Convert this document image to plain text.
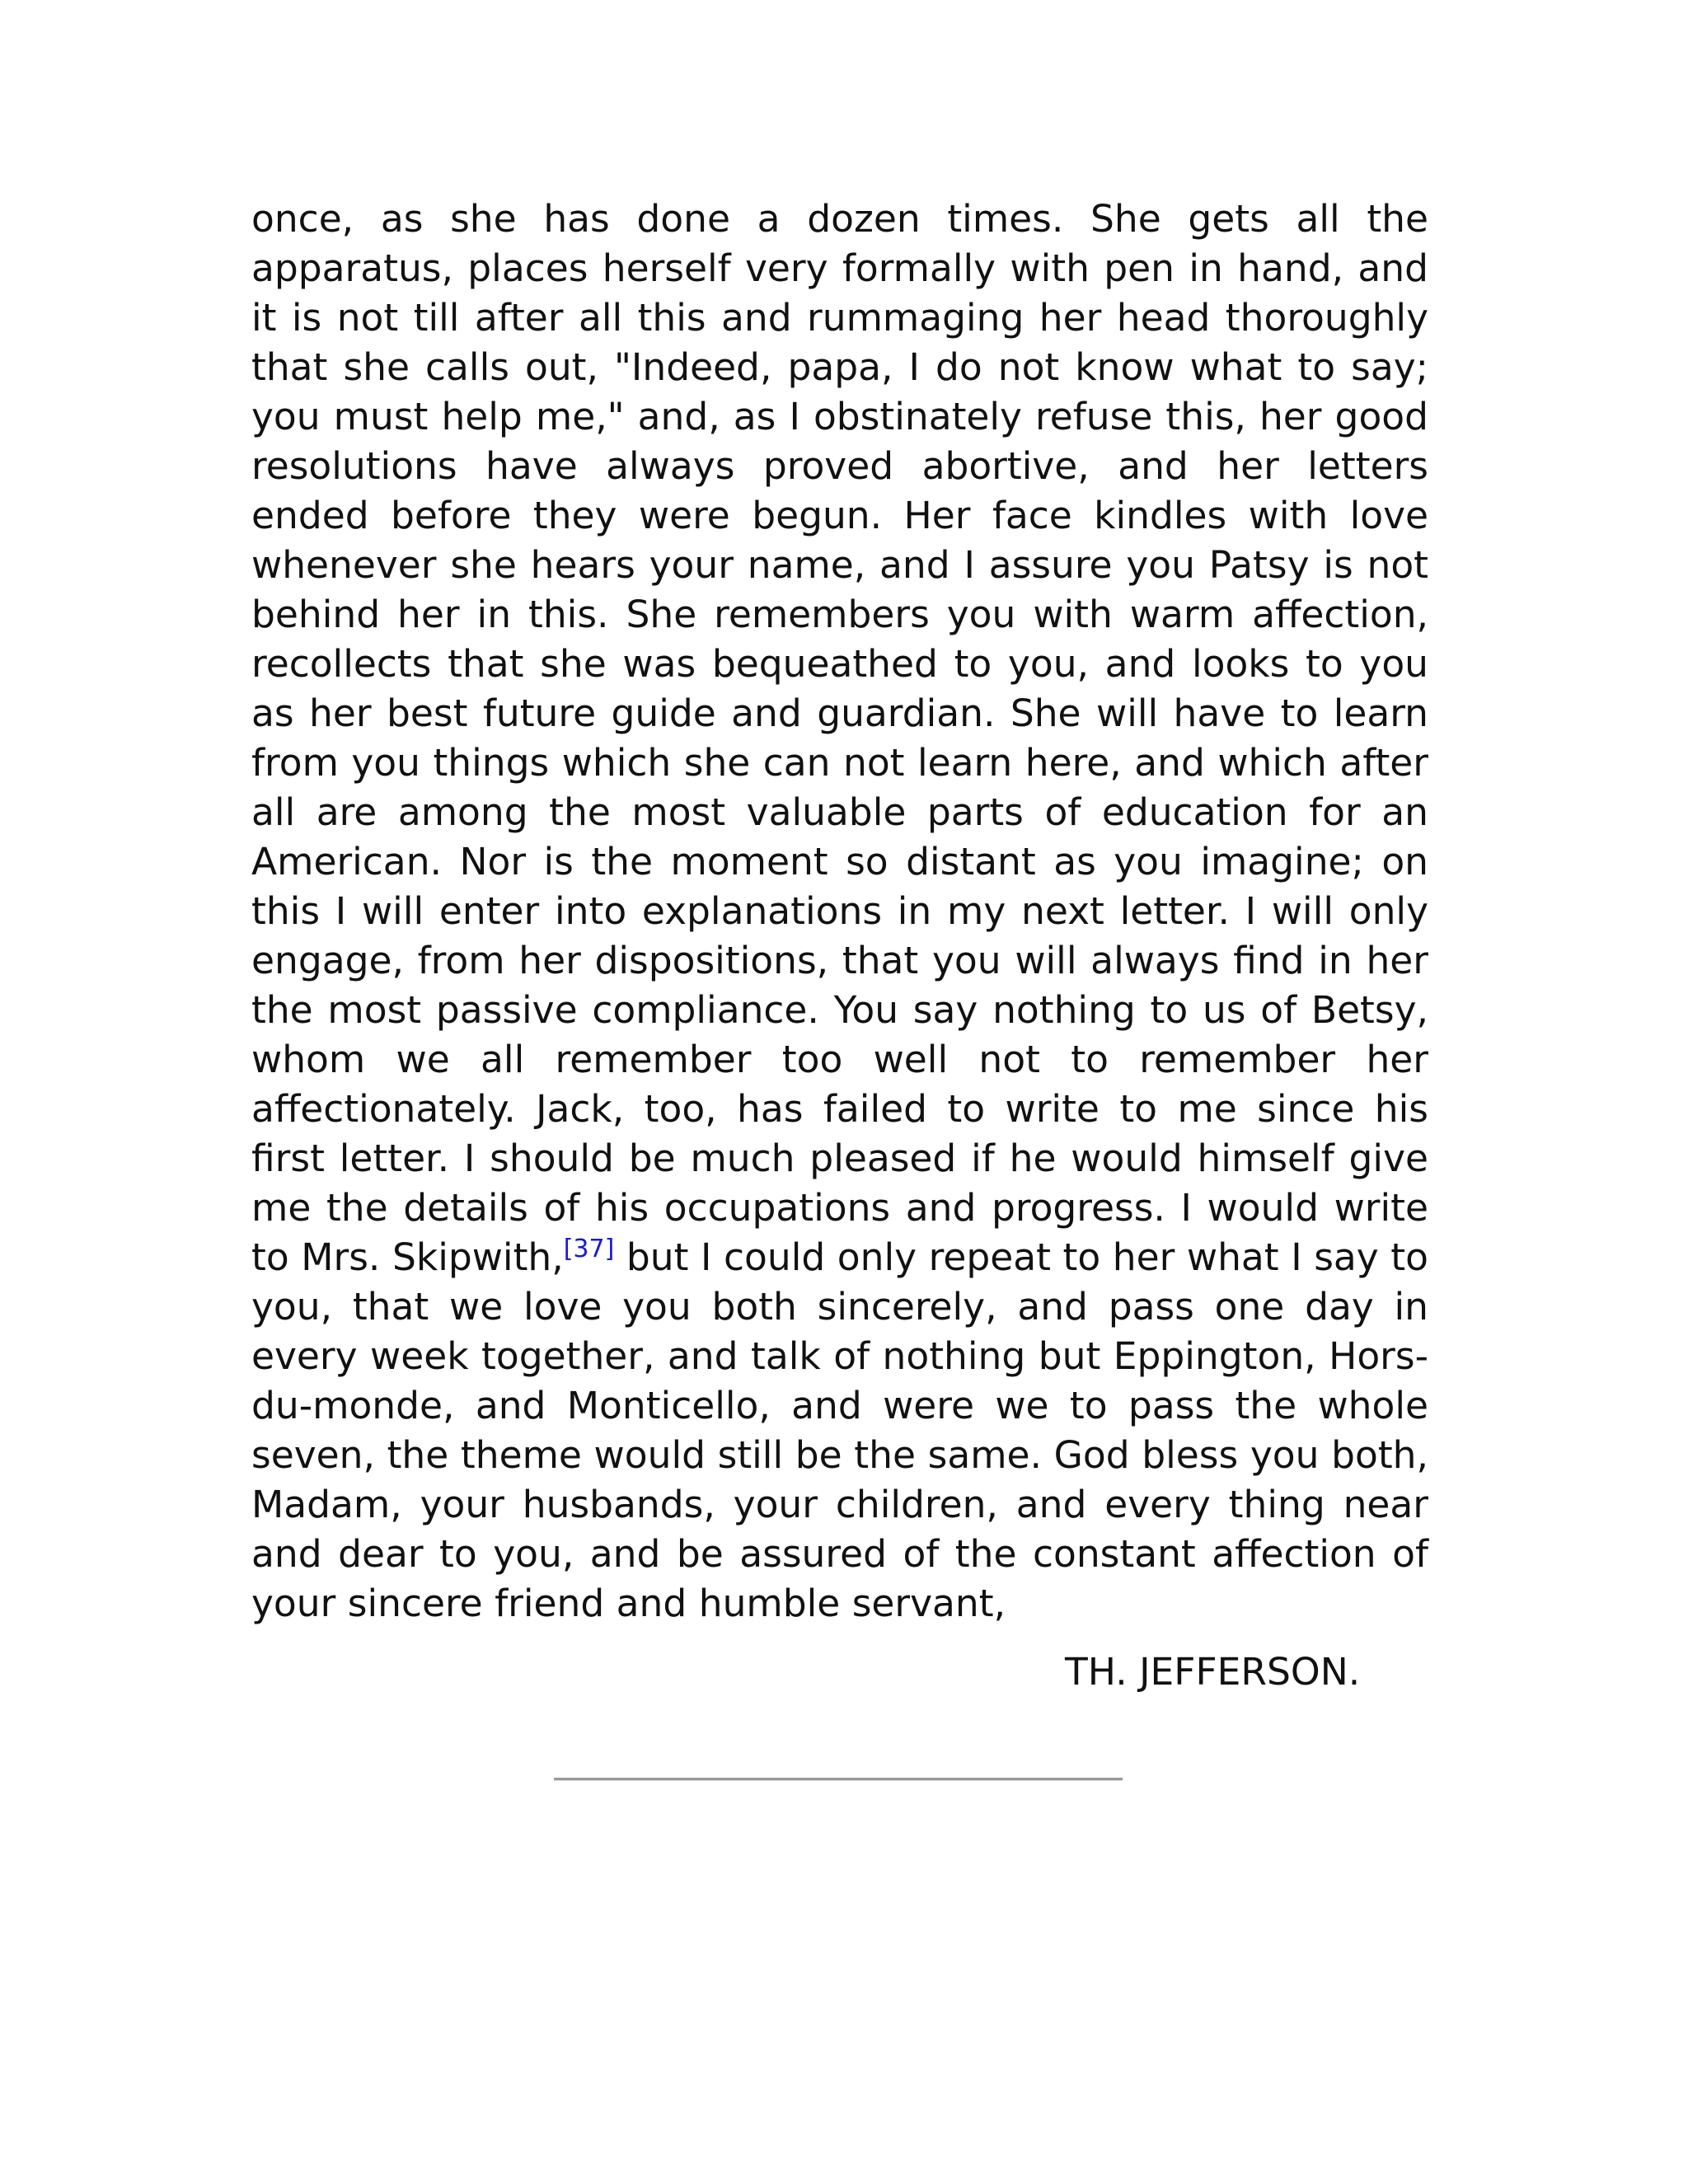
once, as she has done a dozen times. She gets all the apparatus, places herself very formally with pen in hand, and it is not till after all this and rummaging her head thoroughly that she calls out, "Indeed, papa, I do not know what to say; you must help me," and, as I obstinately refuse this, her good resolutions have always proved abortive, and her letters ended before they were begun. Her face kindles with love whenever she hears your name, and I assure you Patsy is not behind her in this. She remembers you with warm affection, recollects that she was bequeathed to you, and looks to you as her best future guide and guardian. She will have to learn from you things which she can not learn here, and which after all are among the most valuable parts of education for an American. Nor is the moment so distant as you imagine; on this I will enter into explanations in my next letter. I will only engage, from her dispositions, that you will always find in her the most passive compliance. You say nothing to us of Betsy, whom we all remember too well not to remember her affectionately. Jack, too, has failed to write to me since his first letter. I should be much pleased if he would himself give me the details of his occupations and progress. I would write to Mrs. Skipwith,[37] but I could only repeat to her what I say to you, that we love you both sincerely, and pass one day in every week together, and talk of nothing but Eppington, Hors-du-monde, and Monticello, and were we to pass the whole seven, the theme would still be the same. God bless you both, Madam, your husbands, your children, and every thing near and dear to you, and be assured of the constant affection of your sincere friend and humble servant,

TH. JEFFERSON.
